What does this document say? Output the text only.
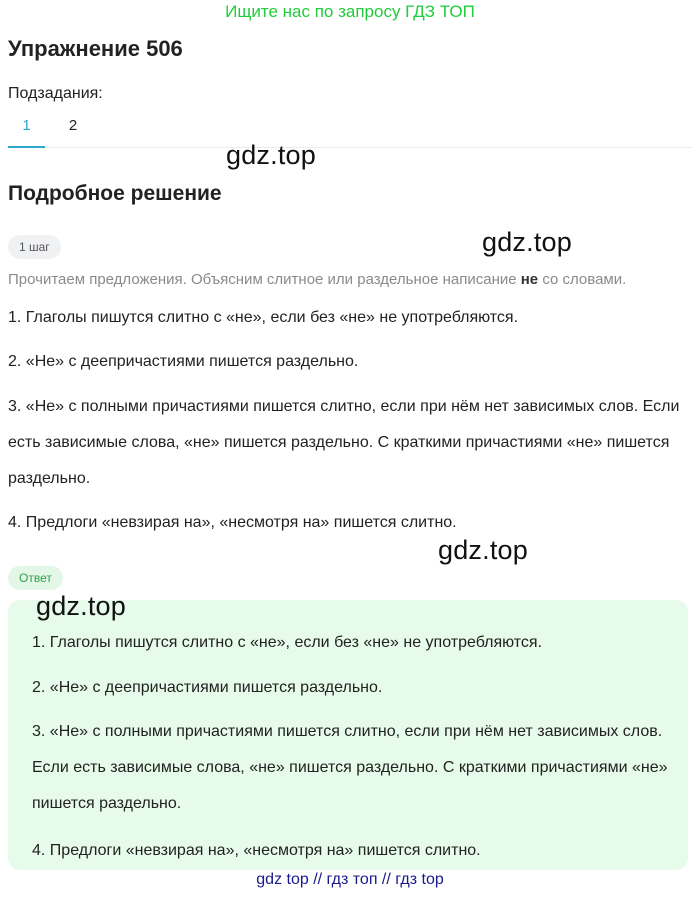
Ищите нас по запросу ГДЗ ТОП
Упражнение 506
Подзадания:
1	2
gdz.top
Подробное решение
gdz.top
1 шаг
Прочитаем предложения. Объясним слитное или раздельное написание не со словами.

1. Глаголы пишутся слитно с «не», если без «не» не употребляются.

2. «Не» с деепричастиями пишется раздельно.

3. «Не» с полными причастиями пишется слитно, если при нём нет зависимых слов. Если есть зависимые слова, «не» пишется раздельно. С краткими причастиями «не» пишется раздельно.

4. Предлоги «невзирая на», «несмотря на» пишется слитно.

gdz.top
Ответ
gdz.top

1. Глаголы пишутся слитно с «не», если без «не» не употребляются.

2. «Не» с деепричастиями пишется раздельно.

3. «Не» с полными причастиями пишется слитно, если при нём нет зависимых слов. Если есть зависимые слова, «не» пишется раздельно. С краткими причастиями «не» пишется раздельно.

4. Предлоги «невзирая на», «несмотря на» пишется слитно.

gdz top // гдз топ // гдз top
